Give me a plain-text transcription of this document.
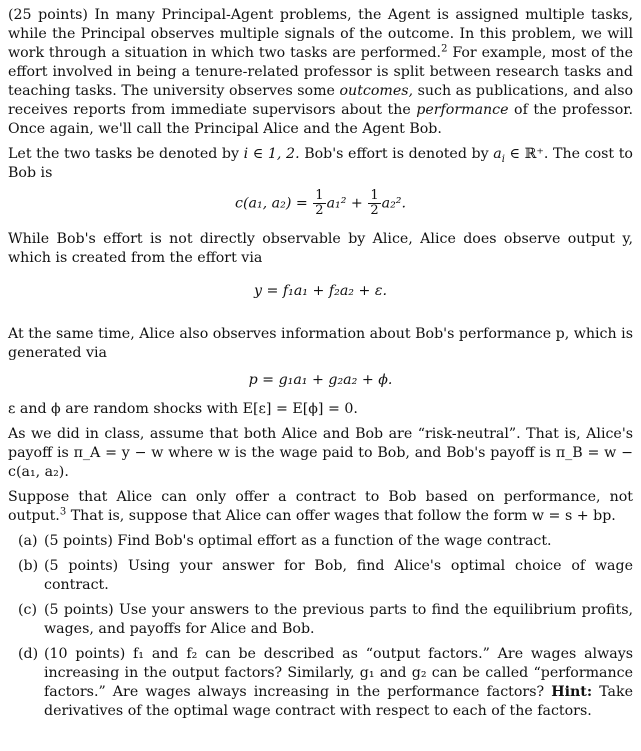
(25 points) In many Principal-Agent problems, the Agent is assigned multiple tasks, while the Principal observes multiple signals of the outcome. In this problem, we will work through a situation in which two tasks are performed.$^2$ For example, most of the effort involved in being a tenure-related professor is split between research tasks and teaching tasks. The university observes some outcomes, such as publications, and also receives reports from immediate supervisors about the performance of the professor. Once again, we'll call the Principal Alice and the Agent Bob.

Let the two tasks be denoted by i ∈ 1, 2. Bob's effort is denoted by $a_i$ ∈ ℝ⁺. The cost to Bob is

c(a₁, $a_2) = \frac{1}{2} a_1^2 + \frac{1}{2} a_2^2$.

While Bob's effort is not directly observable by Alice, Alice does observe output y, which is created from the effort via

y = f₁a₁ + f₂a₂ + ε.

At the same time, Alice also observes information about Bob's performance p, which is generated via

p = g₁a₁ + g₂a₂ + ϕ.

ε and ϕ are random shocks with E[ε] = E[ϕ] = 0.

As we did in class, assume that both Alice and Bob are “risk-neutral”. That is, Alice's payoff is π_A = y − w where w is the wage paid to Bob, and Bob's payoff is π_B = w − c(a₁, a₂).

Suppose that Alice can only offer a contract to Bob based on performance, not output.$^3$ That is, suppose that Alice can offer wages that follow the form w = s + bp.

(a) (5 points) Find Bob's optimal effort as a function of the wage contract.
(b) (5 points) Using your answer for Bob, find Alice's optimal choice of wage contract.
(c) (5 points) Use your answers to the previous parts to find the equilibrium profits, wages, and payoffs for Alice and Bob.
(d) (10 points) f₁ and f₂ can be described as “output factors.” Are wages always increasing in the output factors? Similarly, g₁ and g₂ can be called “performance factors.” Are wages always increasing in the performance factors? Hint: Take derivatives of the optimal wage contract with respect to each of the factors.
